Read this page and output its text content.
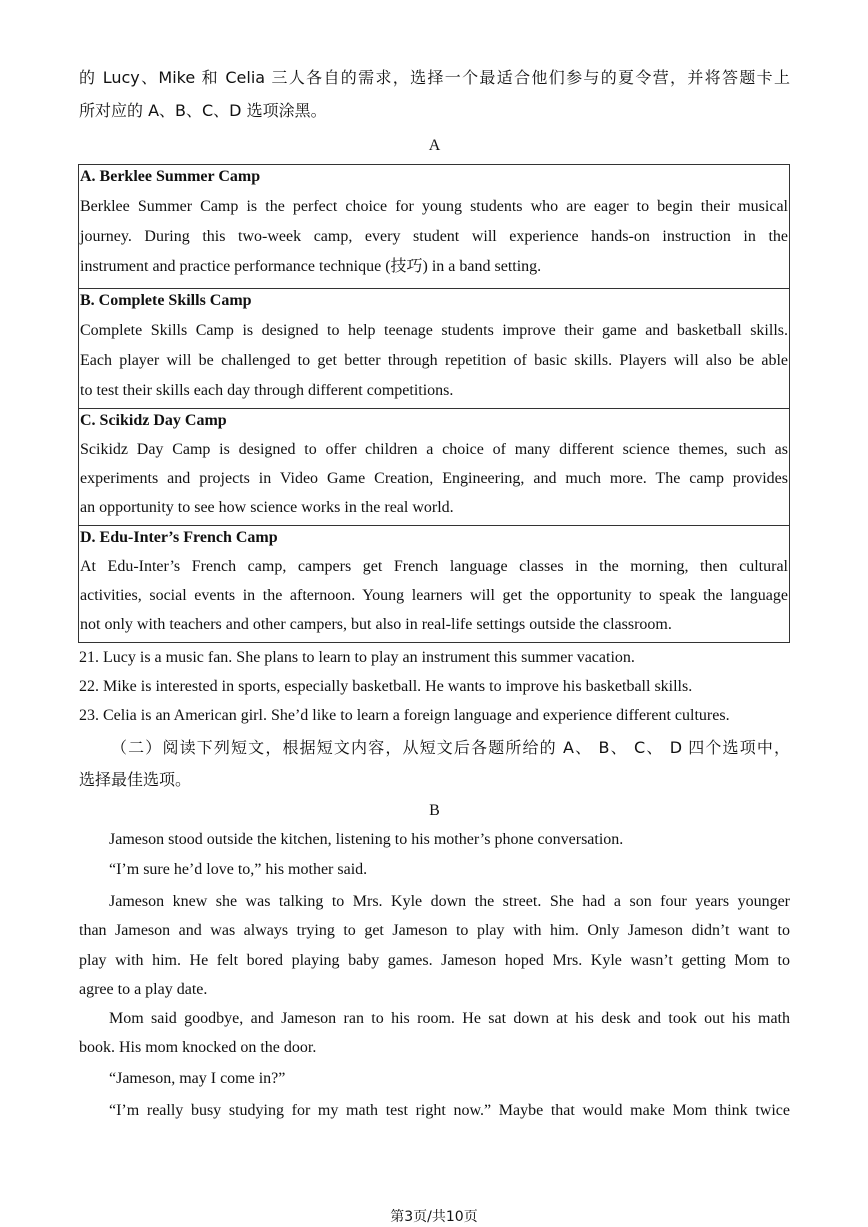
的 Lucy、Mike 和 Celia 三人各自的需求，选择一个最适合他们参与的夏令营，并将答题卡上
所对应的 A、B、C、D 选项涂黑。
A
A. Berklee Summer Camp
Berklee Summer Camp is the perfect choice for young students who are eager to begin their musical
journey. During this two-week camp, every student will experience hands-on instruction in the
instrument and practice performance technique (技巧) in a band setting.

B. Complete Skills Camp
Complete Skills Camp is designed to help teenage students improve their game and basketball skills.
Each player will be challenged to get better through repetition of basic skills. Players will also be able
to test their skills each day through different competitions.

C. Scikidz Day Camp
Scikidz Day Camp is designed to offer children a choice of many different science themes, such as
experiments and projects in Video Game Creation, Engineering, and much more. The camp provides
an opportunity to see how science works in the real world.

D. Edu-Inter’s French Camp
At Edu-Inter’s French camp, campers get French language classes in the morning, then cultural
activities, social events in the afternoon. Young learners will get the opportunity to speak the language
not only with teachers and other campers, but also in real-life settings outside the classroom.
21. Lucy is a music fan. She plans to learn to play an instrument this summer vacation.
22. Mike is interested in sports, especially basketball. He wants to improve his basketball skills.
23. Celia is an American girl. She’d like to learn a foreign language and experience different cultures.
（二）阅读下列短文，根据短文内容，从短文后各题所给的 A、 B、 C、 D 四个选项中，
选择最佳选项。
B
Jameson stood outside the kitchen, listening to his mother’s phone conversation.
“I’m sure he’d love to,” his mother said.
Jameson knew she was talking to Mrs. Kyle down the street. She had a son four years younger
than Jameson and was always trying to get Jameson to play with him. Only Jameson didn’t want to
play with him. He felt bored playing baby games. Jameson hoped Mrs. Kyle wasn’t getting Mom to
agree to a play date.
Mom said goodbye, and Jameson ran to his room. He sat down at his desk and took out his math
book. His mom knocked on the door.
“Jameson, may I come in?”
“I’m really busy studying for my math test right now.” Maybe that would make Mom think twice
第3页/共10页
